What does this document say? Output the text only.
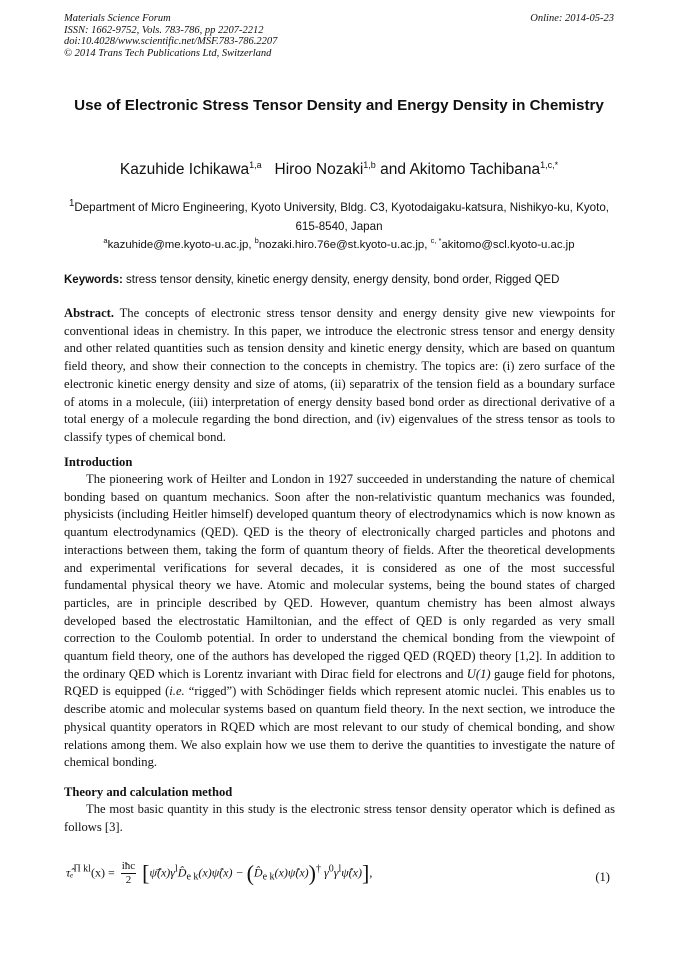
Materials Science Forum
ISSN: 1662-9752, Vols. 783-786, pp 2207-2212
doi:10.4028/www.scientific.net/MSF.783-786.2207
© 2014 Trans Tech Publications Ltd, Switzerland
Online: 2014-05-23
Use of Electronic Stress Tensor Density and Energy Density in Chemistry
Kazuhide Ichikawa$^{1,a}$ Hiroo Nozaki$^{1,b}$ and Akitomo Tachibana$^{1,c,*}$
$^1$Department of Micro Engineering, Kyoto University, Bldg. C3, Kyotodaigaku-katsura, Nishikyo-ku, Kyoto, 615-8540, Japan
$^a$kazuhide@me.kyoto-u.ac.jp, $^b$nozaki.hiro.76e@st.kyoto-u.ac.jp, $^{c, *}$akitomo@scl.kyoto-u.ac.jp
Keywords: stress tensor density, kinetic energy density, energy density, bond order, Rigged QED
Abstract. The concepts of electronic stress tensor density and energy density give new viewpoints for conventional ideas in chemistry. In this paper, we introduce the electronic stress tensor and energy density and other related quantities such as tension density and kinetic energy density, which are based on quantum field theory, and show their connection to the concepts in chemistry. The topics are: (i) zero surface of the electronic kinetic energy density and size of atoms, (ii) separatrix of the tension field as a boundary surface of atoms in a molecule, (iii) interpretation of energy density based bond order as directional derivative of a total energy of a molecule regarding the bond direction, and (iv) eigenvalues of the stress tensor as tools to classify types of chemical bond.
Introduction
The pioneering work of Heilter and London in 1927 succeeded in understanding the nature of chemical bonding based on quantum mechanics. Soon after the non-relativistic quantum mechanics was founded, physicists (including Heitler himself) developed quantum theory of electrodynamics which is now known as quantum electrodynamics (QED). QED is the theory of electronically charged particles and photons and interactions between them, taking the form of quantum theory of fields. After the theoretical developments and experimental verifications for several decades, it is considered as one of the most successful fundamental physical theory we have. Atomic and molecular systems, being the bound states of charged particles, are in principle described by QED. However, quantum chemistry has been almost always developed based the electrostatic Hamiltonian, and the effect of QED is only regarded as very small correction to the Coulomb potential. In order to understand the chemical bonding from the viewpoint of quantum field theory, one of the authors has developed the rigged QED (RQED) theory [1,2]. In addition to the ordinary QED which is Lorentz invariant with Dirac field for electrons and U(1) gauge field for photons, RQED is equipped (i.e. “rigged”) with Schödinger fields which represent atomic nuclei. This enables us to describe atomic and molecular systems based on quantum field theory. In the next section, we introduce the physical quantity operators in RQED which are most relevant to our study of chemical bonding, and show relations among them. We also explain how we use them to derive the quantities to investigate the nature of chemical bonding.
Theory and calculation method
The most basic quantity in this study is the electronic stress tensor density operator which is defined as follows [3].
τ̂ₑ$^{\Pi kl}$(x) = $\frac{\text{iħc}}{2}$ [$\psī̂(x)\gamma^lD̂_{e k}(x)\psî(x)$ − $(D̂_{e k}(x)\psî(x))^\dagger$ $\gamma^0\gamma^l\psî(x)$],	(1)
